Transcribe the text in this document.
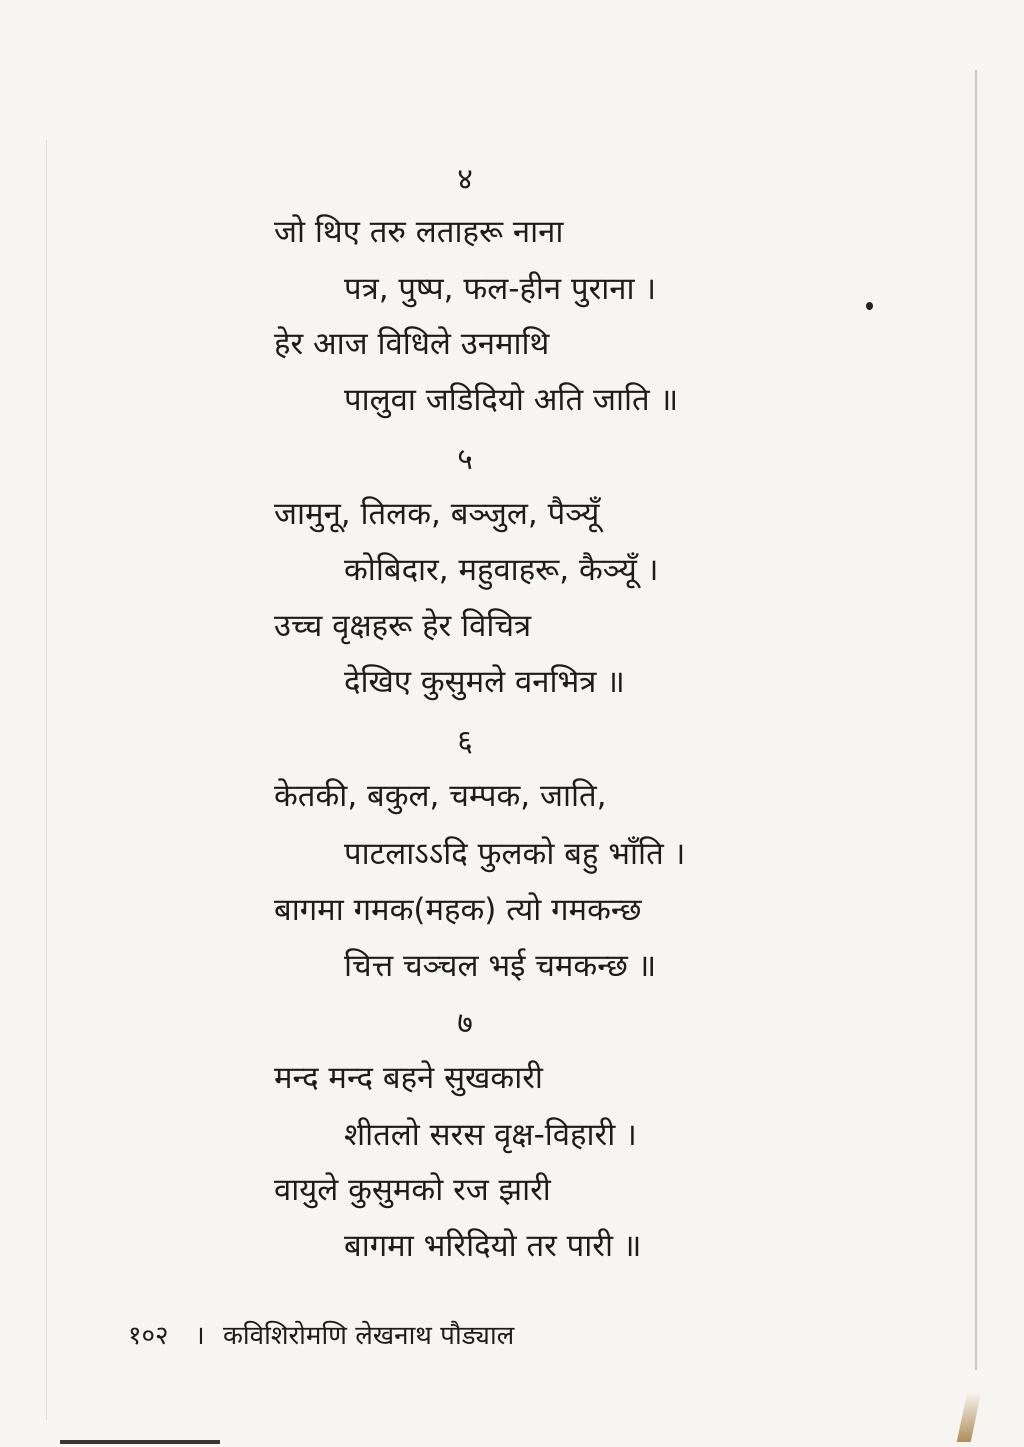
४
जो थिए तरु लताहरू नाना
पत्र, पुष्प, फल-हीन पुराना ।
हेर आज विधिले उनमाथि
पालुवा जडिदियो अति जाति ॥
५
जामुनू, तिलक, बञ्जुल, पैञ्यूँ
कोबिदार, महुवाहरू, कैञ्यूँ ।
उच्च वृक्षहरू हेर विचित्र
देखिए कुसुमले वनभित्र ॥
६
केतकी, बकुल, चम्पक, जाति,
पाटलाऽऽदि फुलको बहु भाँति ।
बागमा गमक(महक) त्यो गमकन्छ
चित्त चञ्चल भई चमकन्छ ॥
७
मन्द मन्द बहने सुखकारी
शीतलो सरस वृक्ष-विहारी ।
वायुले कुसुमको रज झारी
बागमा भरिदियो तर पारी ॥
१०२ । कविशिरोमणि लेखनाथ पौड्याल
